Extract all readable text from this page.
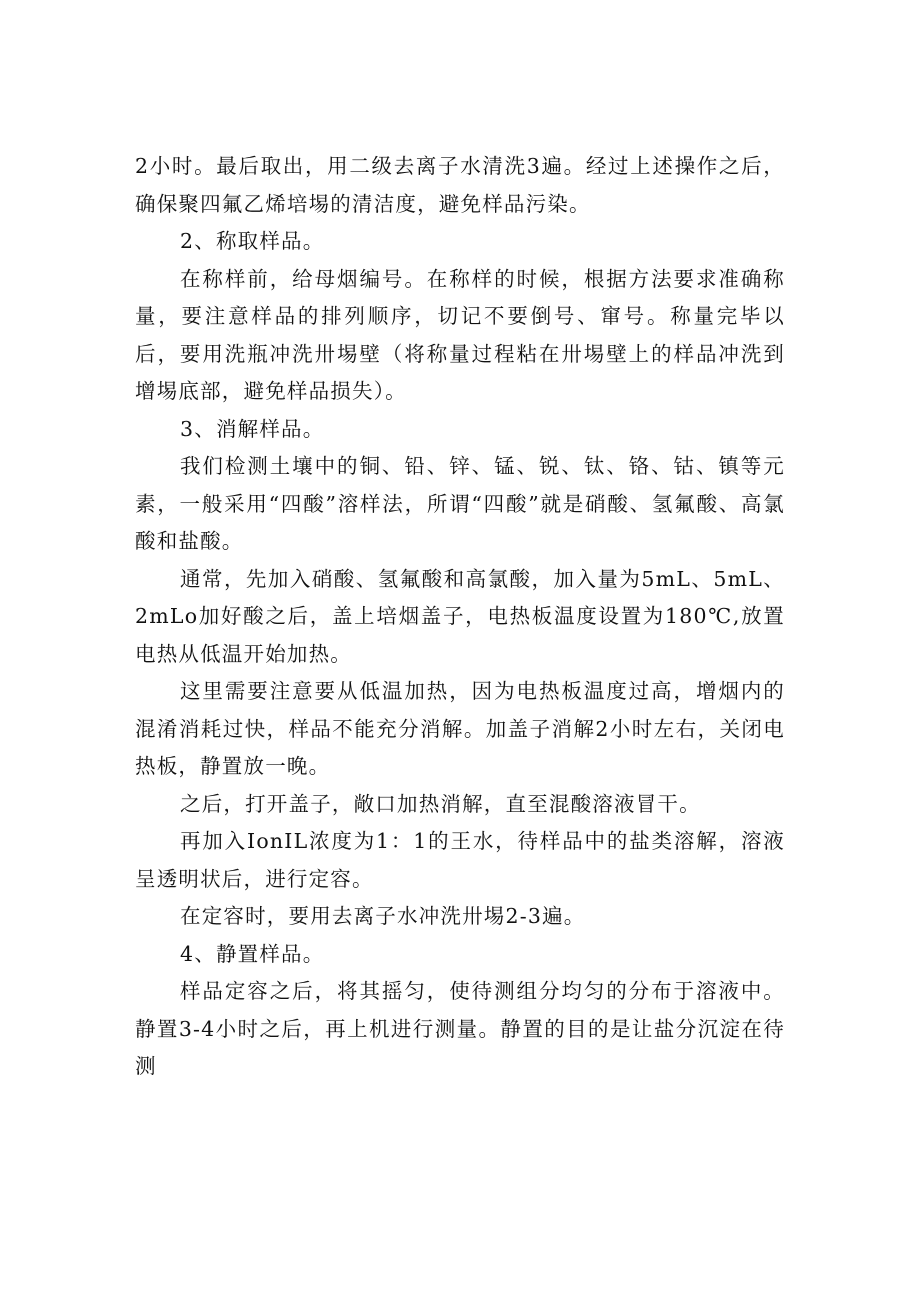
2小时。最后取出，用二级去离子水清洗3遍。经过上述操作之后，确保聚四氟乙烯培埸的清洁度，避免样品污染。

2、称取样品。

在称样前，给母烟编号。在称样的时候，根据方法要求准确称量，要注意样品的排列顺序，切记不要倒号、窜号。称量完毕以后，要用洗瓶冲洗卅埸壁（将称量过程粘在卅埸壁上的样品冲洗到增埸底部，避免样品损失）。

3、消解样品。

我们检测土壤中的铜、铅、锌、锰、锐、钛、铬、钴、镇等元素，一般采用“四酸”溶样法，所谓“四酸”就是硝酸、氢氟酸、高氯酸和盐酸。

通常，先加入硝酸、氢氟酸和高氯酸，加入量为5mL、5mL、2mLo加好酸之后，盖上培烟盖子，电热板温度设置为180℃,放置电热从低温开始加热。

这里需要注意要从低温加热，因为电热板温度过高，增烟内的混淆消耗过快，样品不能充分消解。加盖子消解2小时左右，关闭电热板，静置放一晚。

之后，打开盖子，敞口加热消解，直至混酸溶液冒干。

再加入IonIL浓度为1：1的王水，待样品中的盐类溶解，溶液呈透明状后，进行定容。

在定容时，要用去离子水冲洗卅埸2-3遍。

4、静置样品。

样品定容之后，将其摇匀，使待测组分均匀的分布于溶液中。静置3-4小时之后，再上机进行测量。静置的目的是让盐分沉淀在待测
